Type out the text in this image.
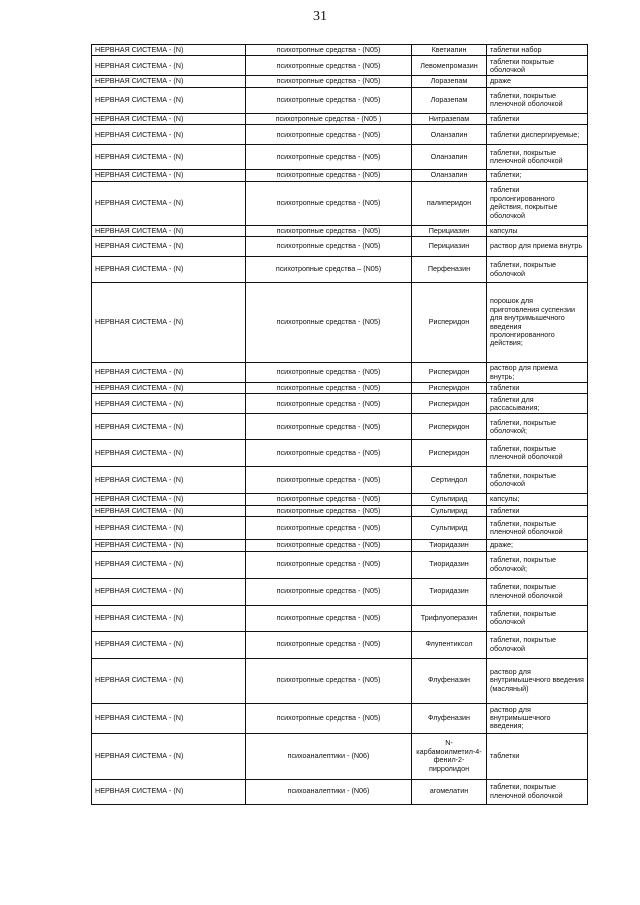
31
НЕРВНАЯ СИСТЕМА - (N)	психотропные средства - (N05)	Кветиапин	таблетки набор
НЕРВНАЯ СИСТЕМА - (N)	психотропные средства - (N05)	Левомепромазин	таблетки покрытые оболочкой
НЕРВНАЯ СИСТЕМА - (N)	психотропные средства - (N05)	Лоразепам	драже
НЕРВНАЯ СИСТЕМА - (N)	психотропные средства - (N05)	Лоразепам	таблетки, покрытые пленочной оболочкой
НЕРВНАЯ СИСТЕМА - (N)	психотропные средства - (N05 )	Нитразепам	таблетки
НЕРВНАЯ СИСТЕМА - (N)	психотропные средства - (N05)	Оланзапин	таблетки диспергируемые;
НЕРВНАЯ СИСТЕМА - (N)	психотропные средства - (N05)	Оланзапин	таблетки, покрытые пленочной оболочкой
НЕРВНАЯ СИСТЕМА - (N)	психотропные средства - (N05)	Оланзапин	таблетки;
НЕРВНАЯ СИСТЕМА - (N)	психотропные средства - (N05)	палиперидон	таблетки пролонгированного действия, покрытые оболочкой
НЕРВНАЯ СИСТЕМА - (N)	психотропные средства - (N05)	Перициазин	капсулы
НЕРВНАЯ СИСТЕМА - (N)	психотропные средства - (N05)	Перициазин	раствор для приема внутрь
НЕРВНАЯ СИСТЕМА - (N)	психотропные средства – (N05)	Перфеназин	таблетки, покрытые оболочкой
НЕРВНАЯ СИСТЕМА - (N)	психотропные средства - (N05)	Рисперидон	порошок для приготовления суспензии для внутримышечного введения пролонгированного действия;
НЕРВНАЯ СИСТЕМА - (N)	психотропные средства - (N05)	Рисперидон	раствор для приема внутрь;
НЕРВНАЯ СИСТЕМА - (N)	психотропные средства - (N05)	Рисперидон	таблетки
НЕРВНАЯ СИСТЕМА - (N)	психотропные средства - (N05)	Рисперидон	таблетки для рассасывания;
НЕРВНАЯ СИСТЕМА - (N)	психотропные средства - (N05)	Рисперидон	таблетки, покрытые оболочкой;
НЕРВНАЯ СИСТЕМА - (N)	психотропные средства - (N05)	Рисперидон	таблетки, покрытые пленочной оболочкой
НЕРВНАЯ СИСТЕМА - (N)	психотропные средства - (N05)	Сертиндол	таблетки, покрытые оболочкой
НЕРВНАЯ СИСТЕМА - (N)	психотропные средства - (N05)	Сульпирид	капсулы;
НЕРВНАЯ СИСТЕМА - (N)	психотропные средства - (N05)	Сульпирид	таблетки
НЕРВНАЯ СИСТЕМА - (N)	психотропные средства - (N05)	Сульпирид	таблетки, покрытые пленочной оболочкой
НЕРВНАЯ СИСТЕМА - (N)	психотропные средства - (N05)	Тиоридазин	драже;
НЕРВНАЯ СИСТЕМА - (N)	психотропные средства - (N05)	Тиоридазин	таблетки, покрытые оболочкой;
НЕРВНАЯ СИСТЕМА - (N)	психотропные средства - (N05)	Тиоридазин	таблетки, покрытые пленочной оболочкой
НЕРВНАЯ СИСТЕМА - (N)	психотропные средства - (N05)	Трифлуоперазин	таблетки, покрытые оболочкой
НЕРВНАЯ СИСТЕМА - (N)	психотропные средства - (N05)	Флупентиксол	таблетки, покрытые оболочкой
НЕРВНАЯ СИСТЕМА - (N)	психотропные средства - (N05)	Флуфеназин	раствор для внутримышечного введения (масляный)
НЕРВНАЯ СИСТЕМА - (N)	психотропные средства - (N05)	Флуфеназин	раствор для внутримышечного введения;
НЕРВНАЯ СИСТЕМА - (N)	психоаналептики - (N06)	N-карбамоилметил-4-фенил-2-пирролидон	таблетки
НЕРВНАЯ СИСТЕМА - (N)	психоаналептики - (N06)	агомелатин	таблетки, покрытые пленочной оболочкой
